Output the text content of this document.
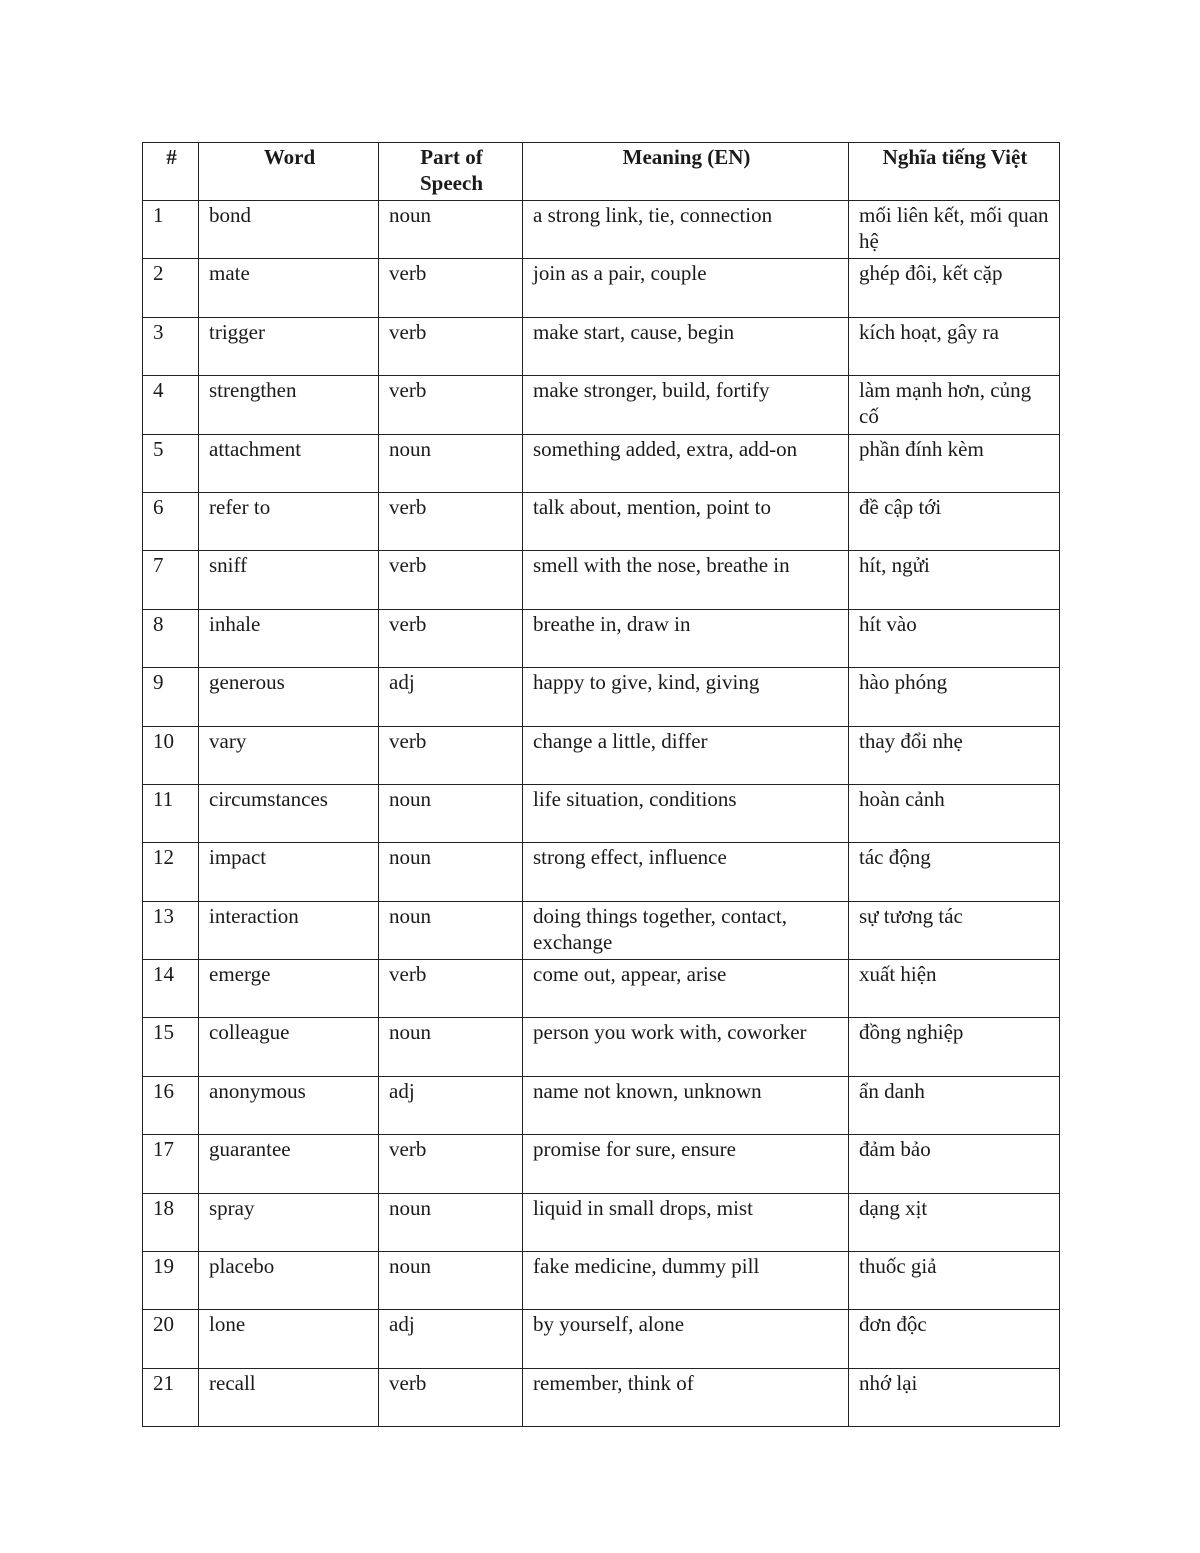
#	Word	Part of Speech	Meaning (EN)	Nghĩa tiếng Việt
1	bond	noun	a strong link, tie, connection	mối liên kết, mối quan hệ
2	mate	verb	join as a pair, couple	ghép đôi, kết cặp
3	trigger	verb	make start, cause, begin	kích hoạt, gây ra
4	strengthen	verb	make stronger, build, fortify	làm mạnh hơn, củng cố
5	attachment	noun	something added, extra, add-on	phần đính kèm
6	refer to	verb	talk about, mention, point to	đề cập tới
7	sniff	verb	smell with the nose, breathe in	hít, ngửi
8	inhale	verb	breathe in, draw in	hít vào
9	generous	adj	happy to give, kind, giving	hào phóng
10	vary	verb	change a little, differ	thay đổi nhẹ
11	circumstances	noun	life situation, conditions	hoàn cảnh
12	impact	noun	strong effect, influence	tác động
13	interaction	noun	doing things together, contact, exchange	sự tương tác
14	emerge	verb	come out, appear, arise	xuất hiện
15	colleague	noun	person you work with, coworker	đồng nghiệp
16	anonymous	adj	name not known, unknown	ẩn danh
17	guarantee	verb	promise for sure, ensure	đảm bảo
18	spray	noun	liquid in small drops, mist	dạng xịt
19	placebo	noun	fake medicine, dummy pill	thuốc giả
20	lone	adj	by yourself, alone	đơn độc
21	recall	verb	remember, think of	nhớ lại
